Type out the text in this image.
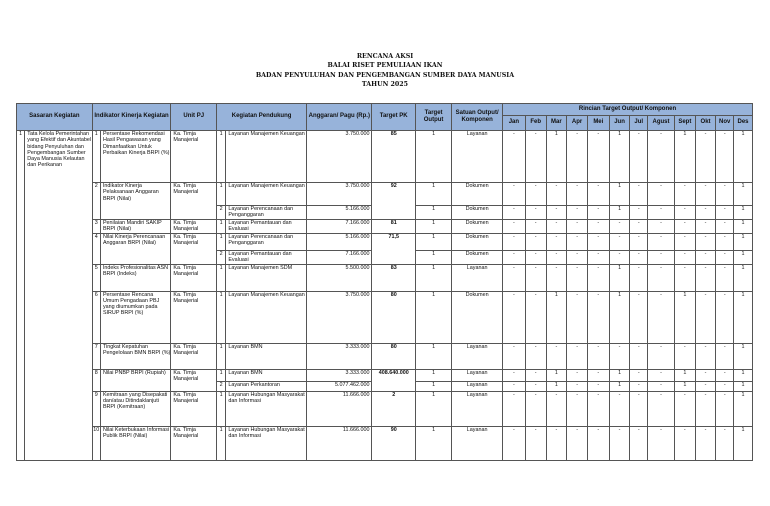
RENCANA AKSI
BALAI RISET PEMULIAAN IKAN
BADAN PENYULUHAN DAN PENGEMBANGAN SUMBER DAYA MANUSIA
TAHUN 2025
Sasaran Kegiatan		Indikator Kinerja Kegiatan		Unit PJ	Kegiatan Pendukung		Anggaran/ Pagu (Rp.)	Target PK	Target Output	Satuan Output/ Komponen	Rincian Target Output/ Komponen											
											Jan	Feb	Mar	Apr	Mei	Jun	Jul	Agust	Sept	Okt	Nov	Des
1	Tata Kelola Pemerintahan yang Efektif dan Akuntabel bidang Penyuluhan dan Pengembangan Sumber Daya Manusia Kelautan dan Perikanan	1	Persentase Rekomendasi Hasil Pengawasan yang Dimanfaatkan Untuk Perbaikan Kinerja BRPI (%)	Ka. Timja Manajerial	1	Layanan Manajemen Keuangan	3.750.000	85	1	Layanan	-	-	1	-	-	1	-	-	1	-	-	1
		2	Indikator Kinerja Pelaksanaan Anggaran BRPI (Nilai)	Ka. Timja Manajerial	1	Layanan Manajemen Keuangan	3.750.000	92	1	Dokumen	-	-	-	-	-	1	-	-	-	-	-	1
					2	Layanan Perencanaan dan Penganggaran	5.166.000		1	Dokumen	-	-	-	-	-	1	-	-	-	-	-	1
		3	Penilaian Mandiri SAKIP BRPI (Nilai)	Ka. Timja Manajerial	1	Layanan Pemantauan dan Evaluasi	7.166.000	81	1	Dokumen	-	-	-	-	-	-	-	-	-	-	-	1
		4	Nilai Kinerja Perencanaan Anggaran BRPI (Nilai)	Ka. Timja Manajerial	1	Layanan Perencanaan dan Penganggaran	5.166.000	71,5	1	Dokumen	-	-	-	-	-	-	-	-	-	-	-	1
					2	Layanan Pemantauan dan Evaluasi	7.166.000		1	Dokumen	-	-	-	-	-	-	-	-	-	-	-	1
		5	Indeks Profesionalitas ASN BRPI (Indeks)	Ka. Timja Manajerial	1	Layanan Manajemen SDM	5.500.000	83	1	Layanan	-	-	-	-	-	1	-	-	-	-	-	1
		6	Persentase Rencana Umum Pengadaan PBJ yang diumumkan pada SIRUP BRPI (%)	Ka. Timja Manajerial	1	Layanan Manajemen Keuangan	3.750.000	80	1	Dokumen	-	-	1	-	-	1	-	-	1	-	-	1
		7	Tingkat Kepatuhan Pengelolaan BMN BRPI (%)	Ka. Timja Manajerial	1	Layanan BMN	3.333.000	80	1	Layanan	-	-	-	-	-	-	-	-	-	-	-	1
		8	Nilai PNBP BRPI (Rupiah)	Ka. Timja Manajerial	1	Layanan BMN	3.333.000	408.640.000	1	Layanan	-	-	1	-	-	1	-	-	1	-	-	1
					2	Layanan Perkantoran	5.077.462.000		1	Layanan	-	-	1	-	-	1	-	-	1	-	-	1
		9	Kemitraan yang Disepakati dan/atau Ditindaklanjuti BRPI (Kemitraan)	Ka. Timja Manajerial	1	Layanan Hubungan Masyarakat dan Informasi	11.666.000	2	1	Layanan	-	-	-	-	-	-	-	-	-	-	-	1
		10	Nilai Keterbukaan Informasi Publik BRPI (Nilai)	Ka. Timja Manajerial	1	Layanan Hubungan Masyarakat dan Informasi	11.666.000	90	1	Layanan	-	-	-	-	-	-	-	-	-	-	-	1
